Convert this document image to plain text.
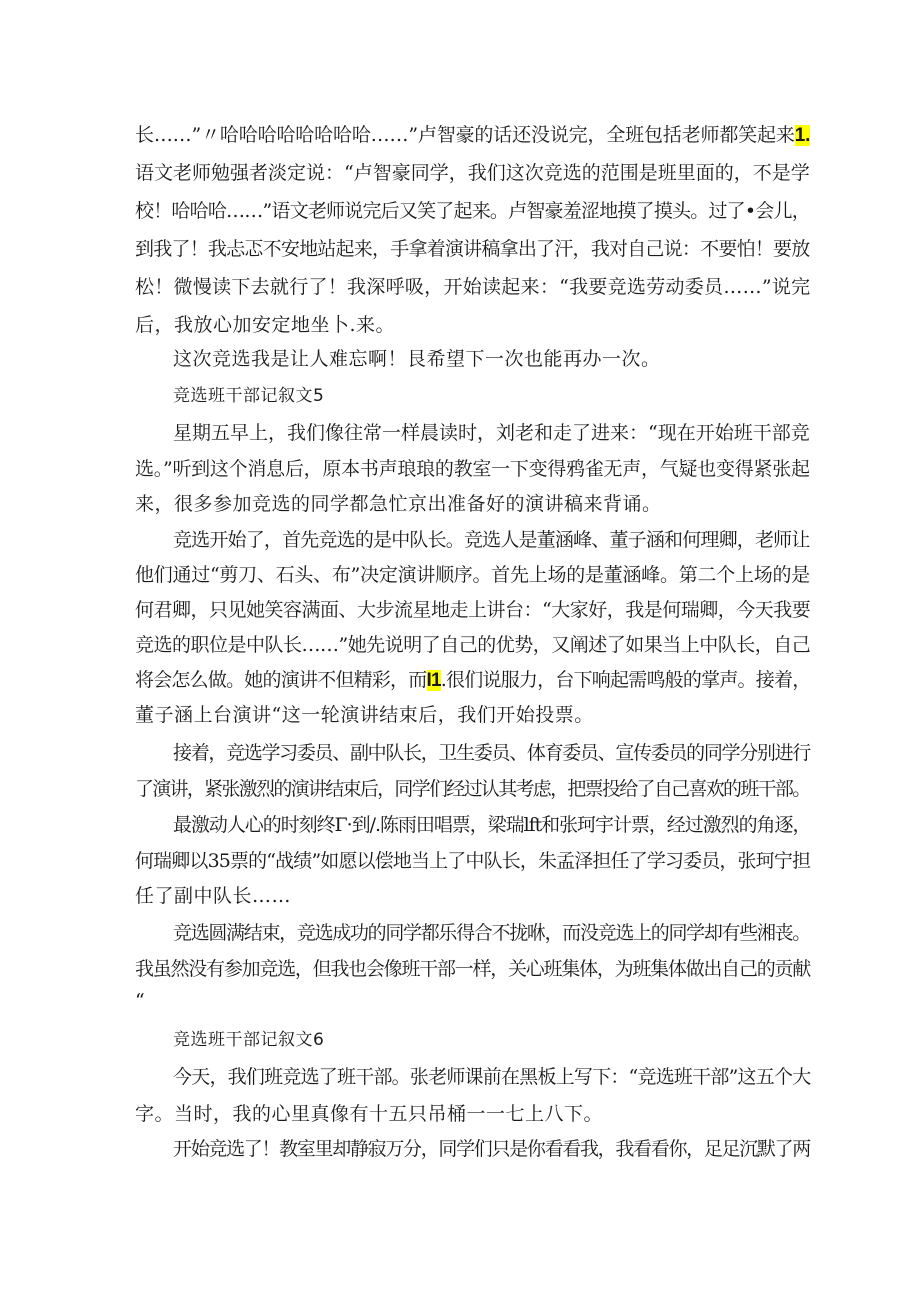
长……”〃哈哈哈哈哈哈哈哈……”卢智豪的话还没说完，全班包括老师都笑起来1.
语文老师勉强者淡定说：“卢智豪同学，我们这次竞选的范围是班里面的，不是学
校！哈哈哈……”语文老师说完后又笑了起来。卢智豪羞涩地摸了摸头。过了•会儿，
到我了！我忐忑不安地站起来，手拿着演讲稿拿出了汗，我对自己说：不要怕！要放
松！微慢读下去就行了！我深呼吸，开始读起来：“我要竞选劳动委员……”说完
后，我放心加安定地坐卜.来。
这次竞选我是让人难忘啊！艮希望下一次也能再办一次。
竞选班干部记叙文5
星期五早上，我们像往常一样晨读时，刘老和走了进来：“现在开始班干部竞
选。”听到这个消息后，原本书声琅琅的教室一下变得鸦雀无声，气疑也变得紧张起
来，很多参加竞选的同学都急忙京出准备好的演讲稿来背诵。
竞选开始了，首先竞选的是中队长。竞选人是董涵峰、董子涵和何理卿，老师让
他们通过“剪刀、石头、布”决定演讲顺序。首先上场的是董涵峰。第二个上场的是
何君卿，只见她笑容满面、大步流星地走上讲台：“大家好，我是何瑞卿，今天我要
竞选的职位是中队长……”她先说明了自己的优势，又阐述了如果当上中队长，自己
将会怎么做。她的演讲不但精彩，而I1.很们说服力，台下响起需鸣般的掌声。接着，
董子涵上台演讲“这一轮演讲结束后，我们开始投票。
接着，竞选学习委员、副中队长，卫生委员、体育委员、宣传委员的同学分别进行
了演讲，紧张激烈的演讲结束后，同学们经过认其考虑，把票投给了自己喜欢的班干部。
最激动人心的时刻终Γ·到/.陈雨田唱票，梁瑞lft和张珂宇计票，经过激烈的角逐，
何瑞卿以35票的“战绩”如愿以偿地当上了中队长，朱孟泽担任了学习委员，张珂宁担
任了副中队长……
竞选圆满结束，竞选成功的同学都乐得合不拢咻，而没竞选上的同学却有些湘丧。
我虽然没有参加竞选，但我也会像班干部一样，关心班集体，为班集体做出自己的贡献
“
竞选班干部记叙文6
今天，我们班竞选了班干部。张老师课前在黑板上写下：“竞选班干部”这五个大
字。当时，我的心里真像有十五只吊桶一一七上八下。
开始竞选了！教室里却静寂万分，同学们只是你看看我，我看看你，足足沉默了两
